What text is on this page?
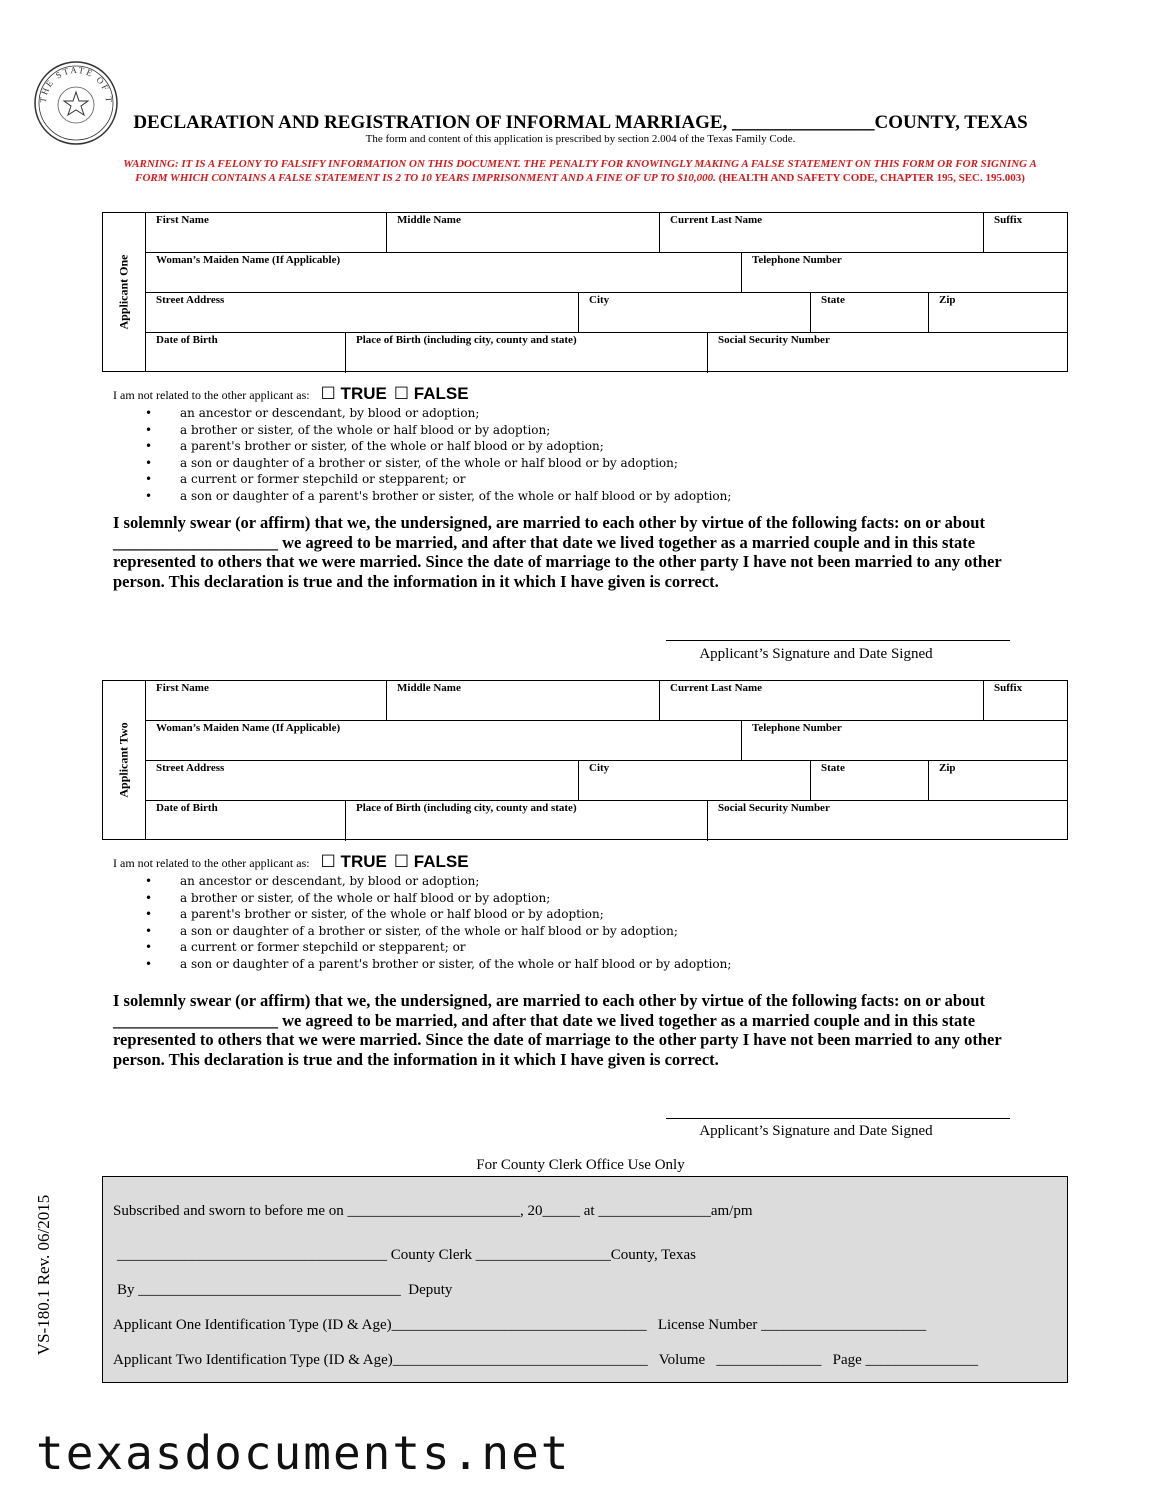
THE STATE OF T
DECLARATION AND REGISTRATION OF INFORMAL MARRIAGE, _______________COUNTY, TEXAS
The form and content of this application is prescribed by section 2.004 of the Texas Family Code.
WARNING: IT IS A FELONY TO FALSIFY INFORMATION ON THIS DOCUMENT. THE PENALTY FOR KNOWINGLY MAKING A FALSE STATEMENT ON THIS FORM OR FOR SIGNING A FORM WHICH CONTAINS A FALSE STATEMENT IS 2 TO 10 YEARS IMPRISONMENT AND A FINE OF UP TO $10,000. (HEALTH AND SAFETY CODE, CHAPTER 195, SEC. 195.003)
Applicant One
First Name	Middle Name	Current Last Name	Suffix
Woman’s Maiden Name (If Applicable)	Telephone Number
Street Address	City	State	Zip
Date of Birth	Place of Birth (including city, county and state)	Social Security Number
I am not related to the other applicant as: ☐ TRUE ☐ FALSE
• an ancestor or descendant, by blood or adoption;
• a brother or sister, of the whole or half blood or by adoption;
• a parent's brother or sister, of the whole or half blood or by adoption;
• a son or daughter of a brother or sister, of the whole or half blood or by adoption;
• a current or former stepchild or stepparent; or
• a son or daughter of a parent's brother or sister, of the whole or half blood or by adoption;
I solemnly swear (or affirm) that we, the undersigned, are married to each other by virtue of the following facts: on or about
____________________ we agreed to be married, and after that date we lived together as a married couple and in this state
represented to others that we were married. Since the date of marriage to the other party I have not been married to any other
person. This declaration is true and the information in it which I have given is correct.
Applicant’s Signature and Date Signed
Applicant Two
First Name	Middle Name	Current Last Name	Suffix
Woman’s Maiden Name (If Applicable)	Telephone Number
Street Address	City	State	Zip
Date of Birth	Place of Birth (including city, county and state)	Social Security Number
I am not related to the other applicant as: ☐ TRUE ☐ FALSE
• an ancestor or descendant, by blood or adoption;
• a brother or sister, of the whole or half blood or by adoption;
• a parent's brother or sister, of the whole or half blood or by adoption;
• a son or daughter of a brother or sister, of the whole or half blood or by adoption;
• a current or former stepchild or stepparent; or
• a son or daughter of a parent's brother or sister, of the whole or half blood or by adoption;
I solemnly swear (or affirm) that we, the undersigned, are married to each other by virtue of the following facts: on or about
____________________ we agreed to be married, and after that date we lived together as a married couple and in this state
represented to others that we were married. Since the date of marriage to the other party I have not been married to any other
person. This declaration is true and the information in it which I have given is correct.
Applicant’s Signature and Date Signed
For County Clerk Office Use Only
Subscribed and sworn to before me on _______________________, 20_____ at _______________am/pm
____________________________________ County Clerk __________________County, Texas
By ___________________________________  Deputy
Applicant One Identification Type (ID & Age)__________________________________   License Number ______________________
Applicant Two Identification Type (ID & Age)__________________________________   Volume   ______________   Page _______________
VS-180.1 Rev. 06/2015
texasdocuments.net
